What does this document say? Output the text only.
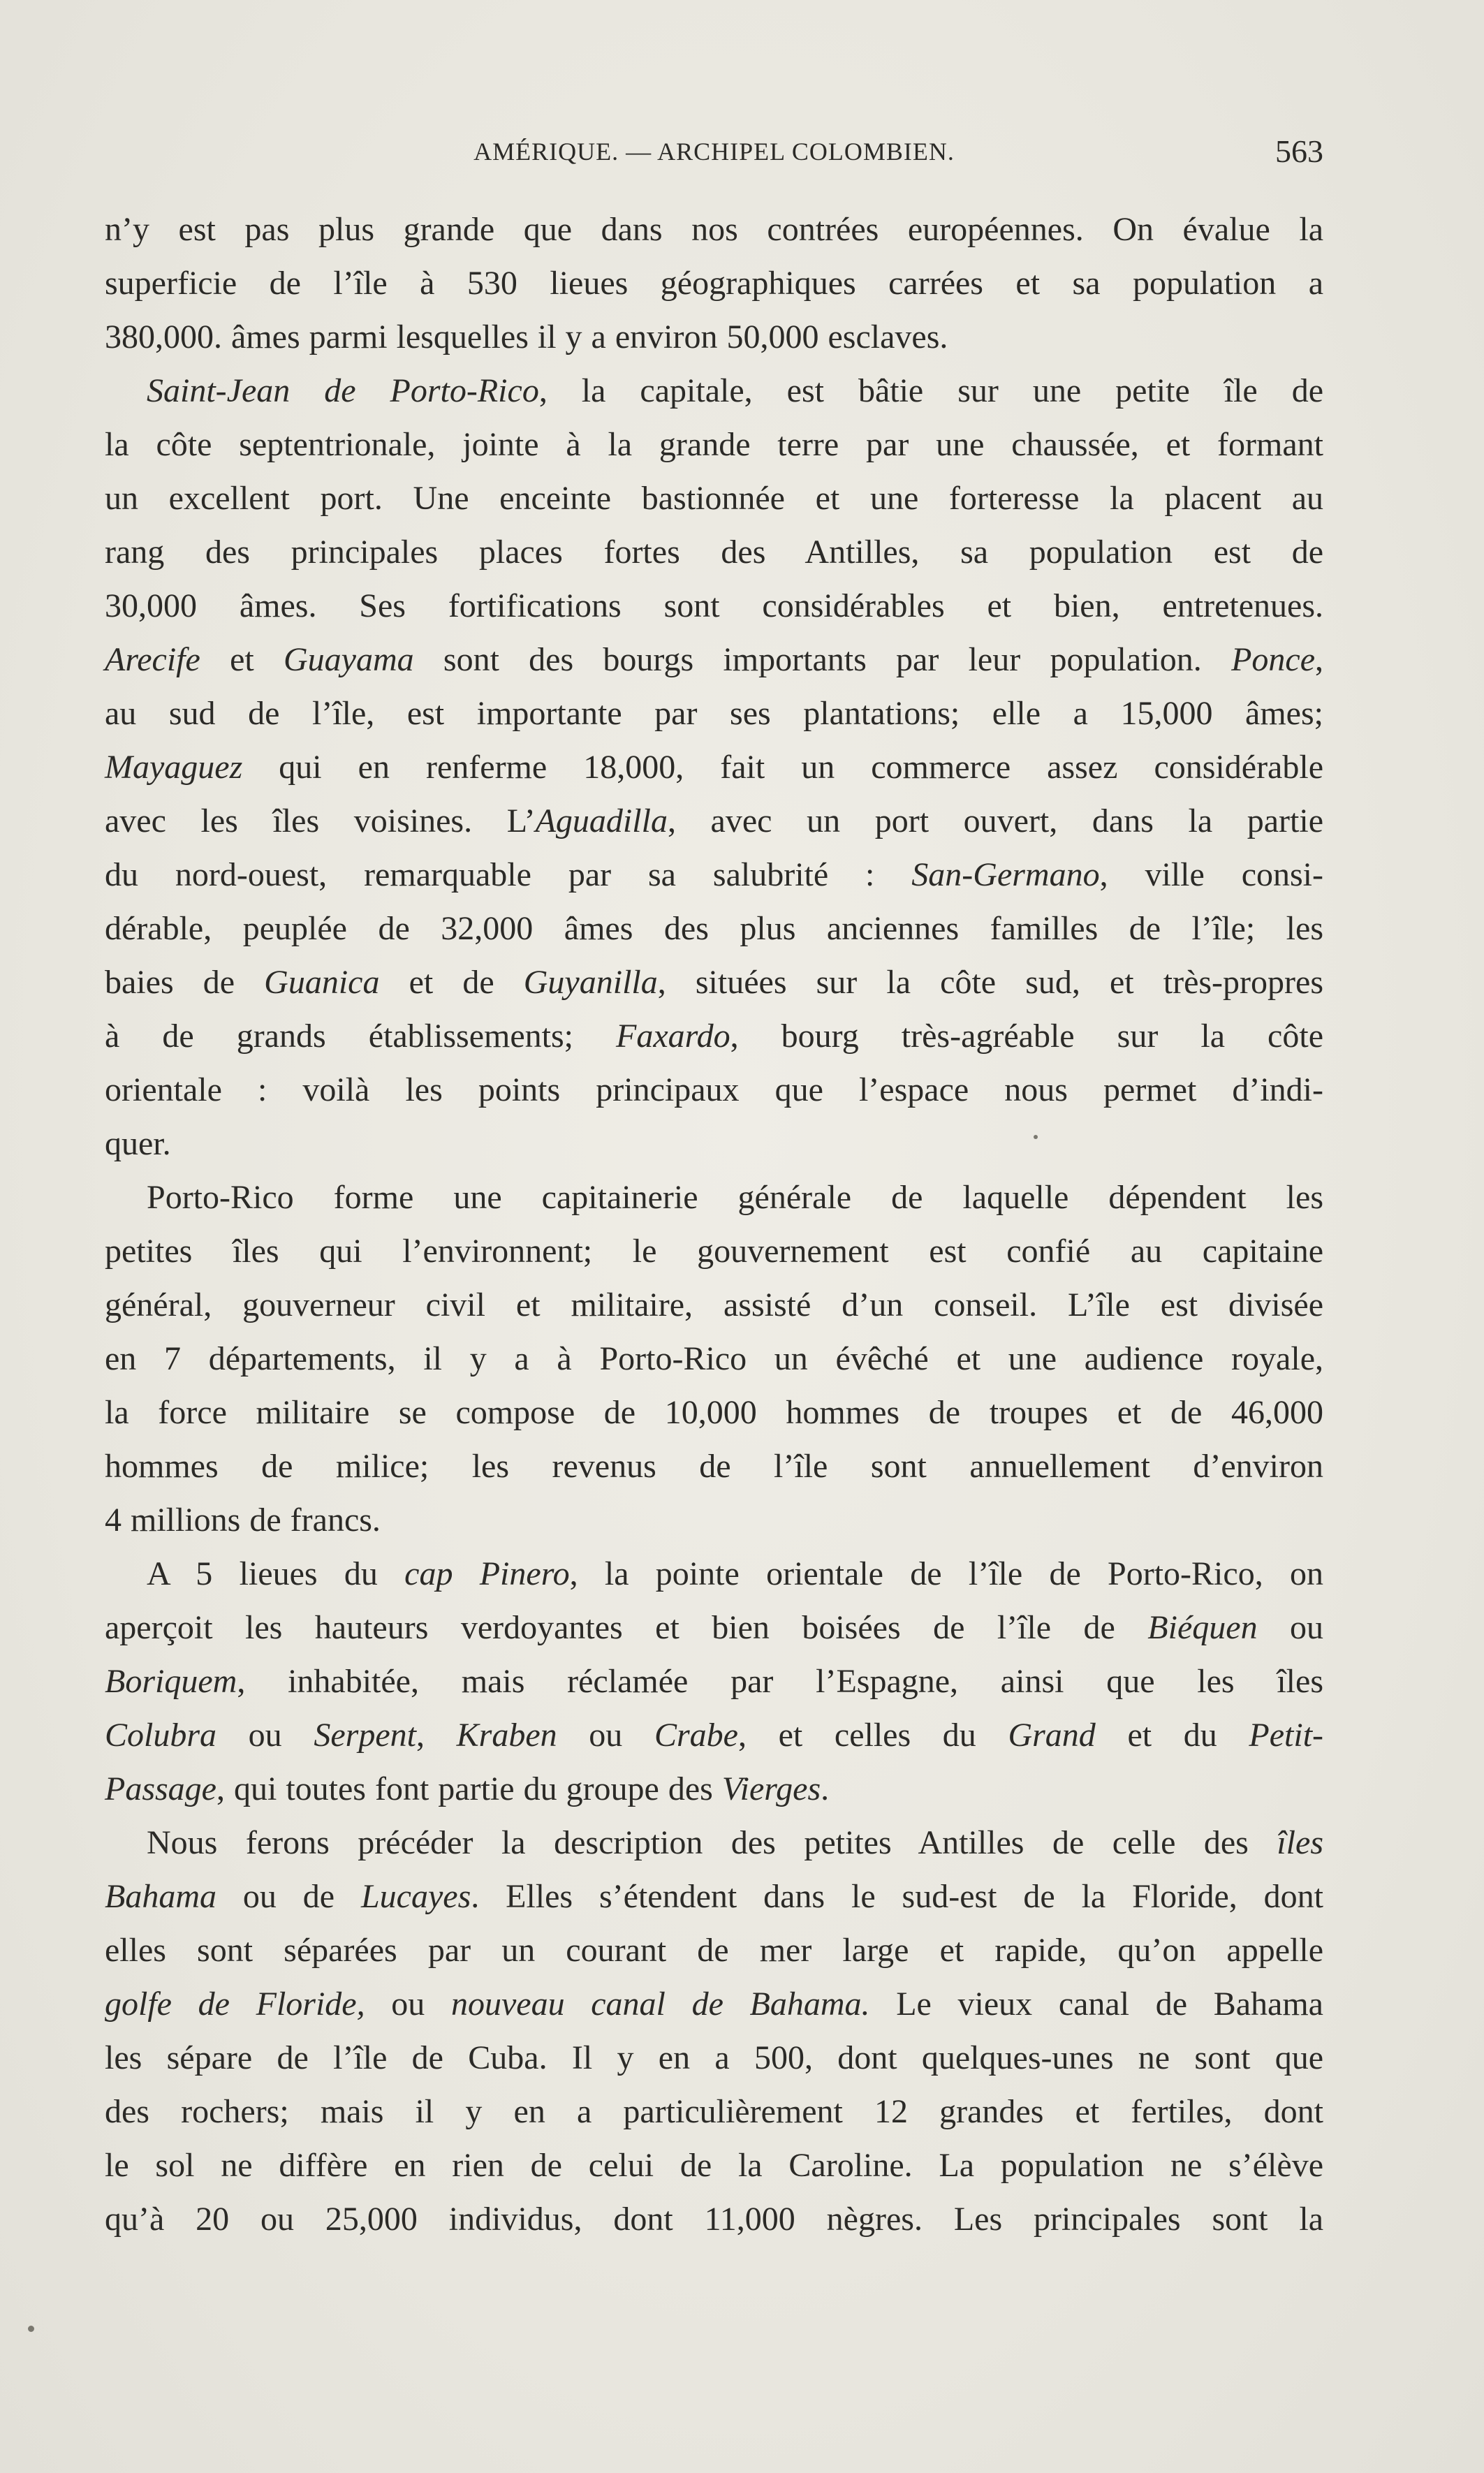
AMÉRIQUE. — ARCHIPEL COLOMBIEN.	563

n’y est pas plus grande que dans nos contrées européennes. On évalue la

superficie de l’île à 530 lieues géographiques carrées et sa population a

380,000. âmes parmi lesquelles il y a environ 50,000 esclaves.

Saint-Jean de Porto-Rico, la capitale, est bâtie sur une petite île de

la côte septentrionale, jointe à la grande terre par une chaussée, et formant

un excellent port. Une enceinte bastionnée et une forteresse la placent au

rang des principales places fortes des Antilles, sa population est de

30,000 âmes. Ses fortifications sont considérables et bien, entretenues.

Arecife et Guayama sont des bourgs importants par leur population. Ponce,

au sud de l’île, est importante par ses plantations; elle a 15,000 âmes;

Mayaguez qui en renferme 18,000, fait un commerce assez considérable

avec les îles voisines. L’Aguadilla, avec un port ouvert, dans la partie

du nord-ouest, remarquable par sa salubrité : San-Germano, ville consi-

dérable, peuplée de 32,000 âmes des plus anciennes familles de l’île; les

baies de Guanica et de Guyanilla, situées sur la côte sud, et très-propres

à de grands établissements; Faxardo, bourg très-agréable sur la côte

orientale : voilà les points principaux que l’espace nous permet d’indi-

quer.

Porto-Rico forme une capitainerie générale de laquelle dépendent les

petites îles qui l’environnent; le gouvernement est confié au capitaine

général, gouverneur civil et militaire, assisté d’un conseil. L’île est divisée

en 7 départements, il y a à Porto-Rico un évêché et une audience royale,

la force militaire se compose de 10,000 hommes de troupes et de 46,000

hommes de milice; les revenus de l’île sont annuellement d’environ

4 millions de francs.

A 5 lieues du cap Pinero, la pointe orientale de l’île de Porto-Rico, on

aperçoit les hauteurs verdoyantes et bien boisées de l’île de Biéquen ou

Boriquem, inhabitée, mais réclamée par l’Espagne, ainsi que les îles

Colubra ou Serpent, Kraben ou Crabe, et celles du Grand et du Petit-

Passage, qui toutes font partie du groupe des Vierges.

Nous ferons précéder la description des petites Antilles de celle des îles

Bahama ou de Lucayes. Elles s’étendent dans le sud-est de la Floride, dont

elles sont séparées par un courant de mer large et rapide, qu’on appelle

golfe de Floride, ou nouveau canal de Bahama. Le vieux canal de Bahama

les sépare de l’île de Cuba. Il y en a 500, dont quelques-unes ne sont que

des rochers; mais il y en a particulièrement 12 grandes et fertiles, dont

le sol ne diffère en rien de celui de la Caroline. La population ne s’élève

qu’à 20 ou 25,000 individus, dont 11,000 nègres. Les principales sont la
